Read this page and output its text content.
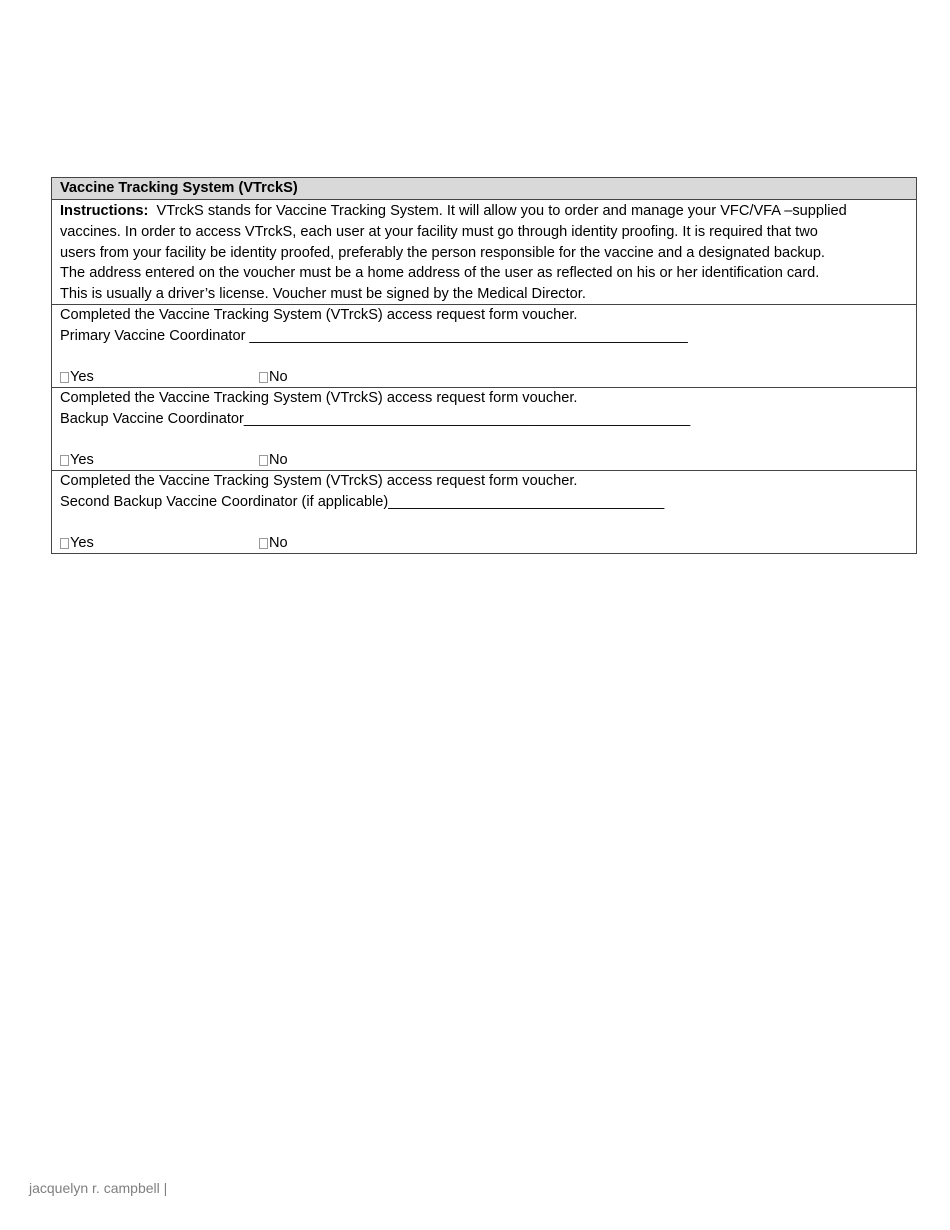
Vaccine Tracking System (VTrckS)
Instructions: VTrckS stands for Vaccine Tracking System. It will allow you to order and manage your VFC/VFA –supplied
vaccines. In order to access VTrckS, each user at your facility must go through identity proofing. It is required that two
users from your facility be identity proofed, preferably the person responsible for the vaccine and a designated backup.
The address entered on the voucher must be a home address of the user as reflected on his or her identification card.
This is usually a driver’s license. Voucher must be signed by the Medical Director.
Completed the Vaccine Tracking System (VTrckS) access request form voucher.
Primary Vaccine Coordinator ______________________________________________________
Yes	No
Completed the Vaccine Tracking System (VTrckS) access request form voucher.
Backup Vaccine Coordinator_______________________________________________________
Yes	No
Completed the Vaccine Tracking System (VTrckS) access request form voucher.
Second Backup Vaccine Coordinator (if applicable)__________________________________
Yes	No
jacquelyn r. campbell |
